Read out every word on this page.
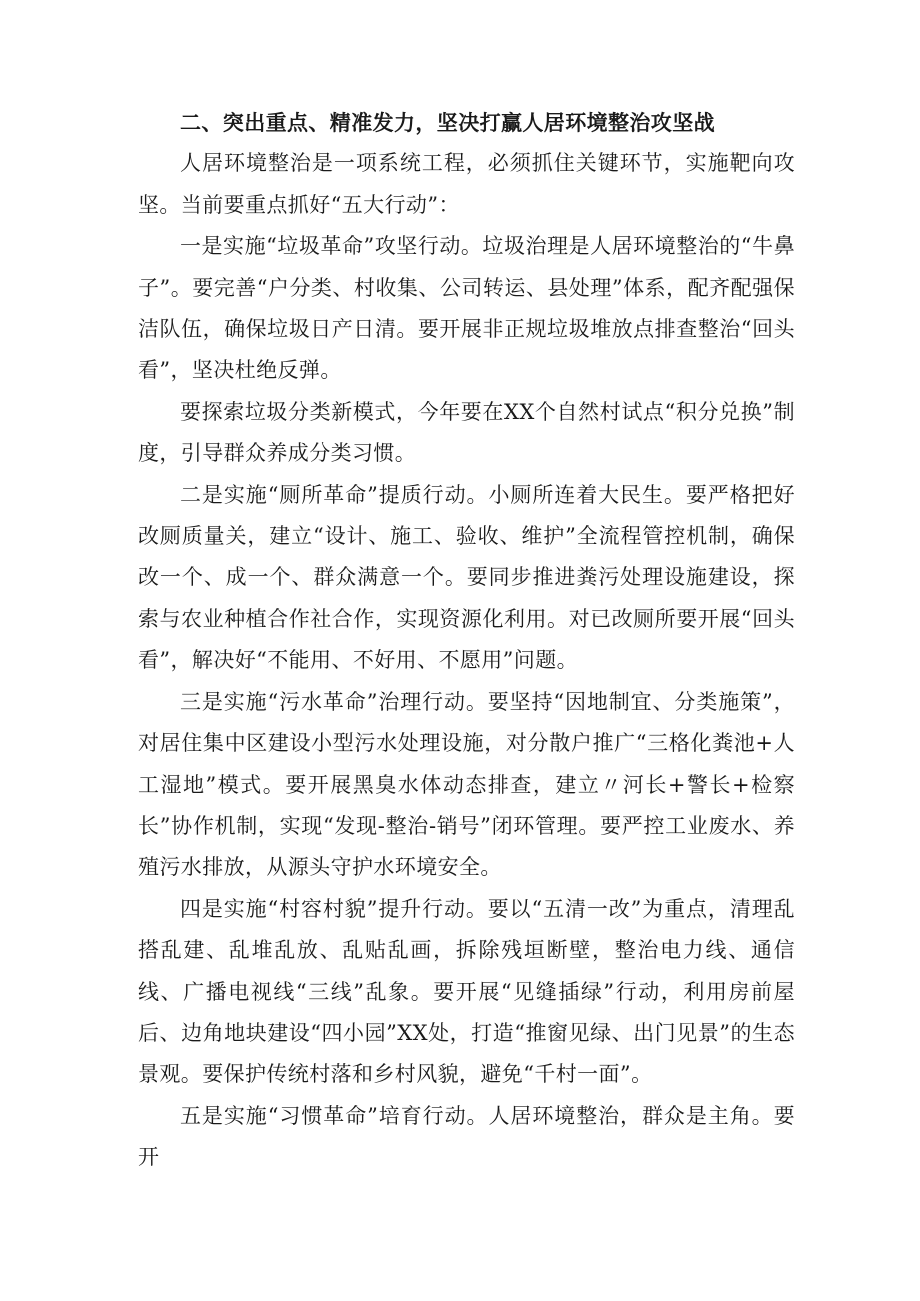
二、突出重点、精准发力，坚决打赢人居环境整治攻坚战

人居环境整治是一项系统工程，必须抓住关键环节，实施靶向攻坚。当前要重点抓好“五大行动”：

一是实施“垃圾革命”攻坚行动。垃圾治理是人居环境整治的“牛鼻子”。要完善“户分类、村收集、公司转运、县处理”体系，配齐配强保洁队伍，确保垃圾日产日清。要开展非正规垃圾堆放点排查整治“回头看”，坚决杜绝反弹。

要探索垃圾分类新模式，今年要在XX个自然村试点“积分兑换”制度，引导群众养成分类习惯。

二是实施“厕所革命”提质行动。小厕所连着大民生。要严格把好改厕质量关，建立“设计、施工、验收、维护”全流程管控机制，确保改一个、成一个、群众满意一个。要同步推进粪污处理设施建设，探索与农业种植合作社合作，实现资源化利用。对已改厕所要开展“回头看”，解决好“不能用、不好用、不愿用”问题。

三是实施“污水革命”治理行动。要坚持“因地制宜、分类施策”，对居住集中区建设小型污水处理设施，对分散户推广“三格化粪池+人工湿地”模式。要开展黑臭水体动态排查，建立〃河长+警长+检察长”协作机制，实现“发现-整治-销号”闭环管理。要严控工业废水、养殖污水排放，从源头守护水环境安全。

四是实施“村容村貌”提升行动。要以“五清一改”为重点，清理乱搭乱建、乱堆乱放、乱贴乱画，拆除残垣断壁，整治电力线、通信线、广播电视线“三线”乱象。要开展“见缝插绿”行动，利用房前屋后、边角地块建设“四小园”XX处，打造“推窗见绿、出门见景”的生态景观。要保护传统村落和乡村风貌，避免“千村一面”。

五是实施“习惯革命”培育行动。人居环境整治，群众是主角。要开
